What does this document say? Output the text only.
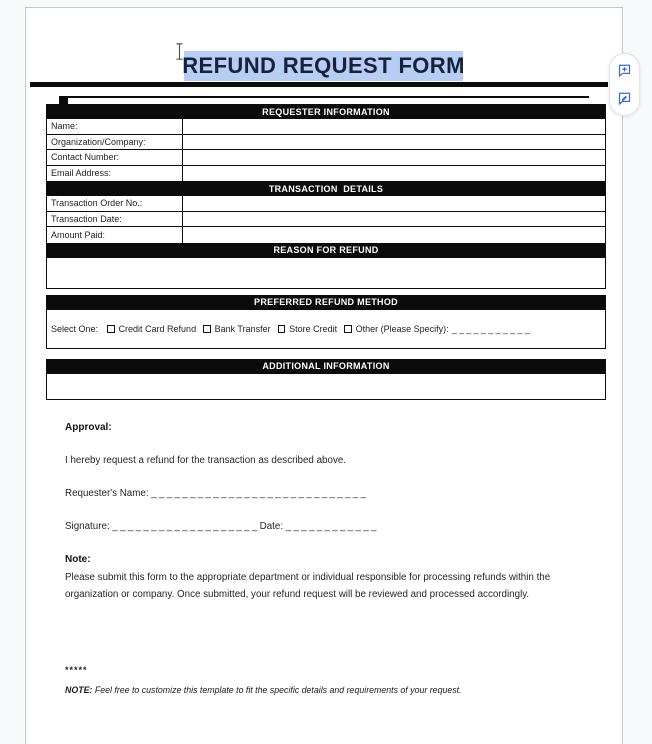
REFUND REQUEST FORM
REQUESTER INFORMATION
Name:
Organization/Company:
Contact Number:
Email Address:
TRANSACTION  DETAILS
Transaction Order No.:
Transaction Date:
Amount Paid:
REASON FOR REFUND
PREFERRED REFUND METHOD
Select One: Credit Card Refund Bank Transfer Store Credit Other (Please Specify): ___________
ADDITIONAL INFORMATION
Approval:
I hereby request a refund for the transaction as described above.
Requester's Name: ____________________________
Signature: ___________________Date: ____________
Note:
Please submit this form to the appropriate department or individual responsible for processing refunds within the organization or company. Once submitted, your refund request will be reviewed and processed accordingly.
*****
NOTE: Feel free to customize this template to fit the specific details and requirements of your request.
